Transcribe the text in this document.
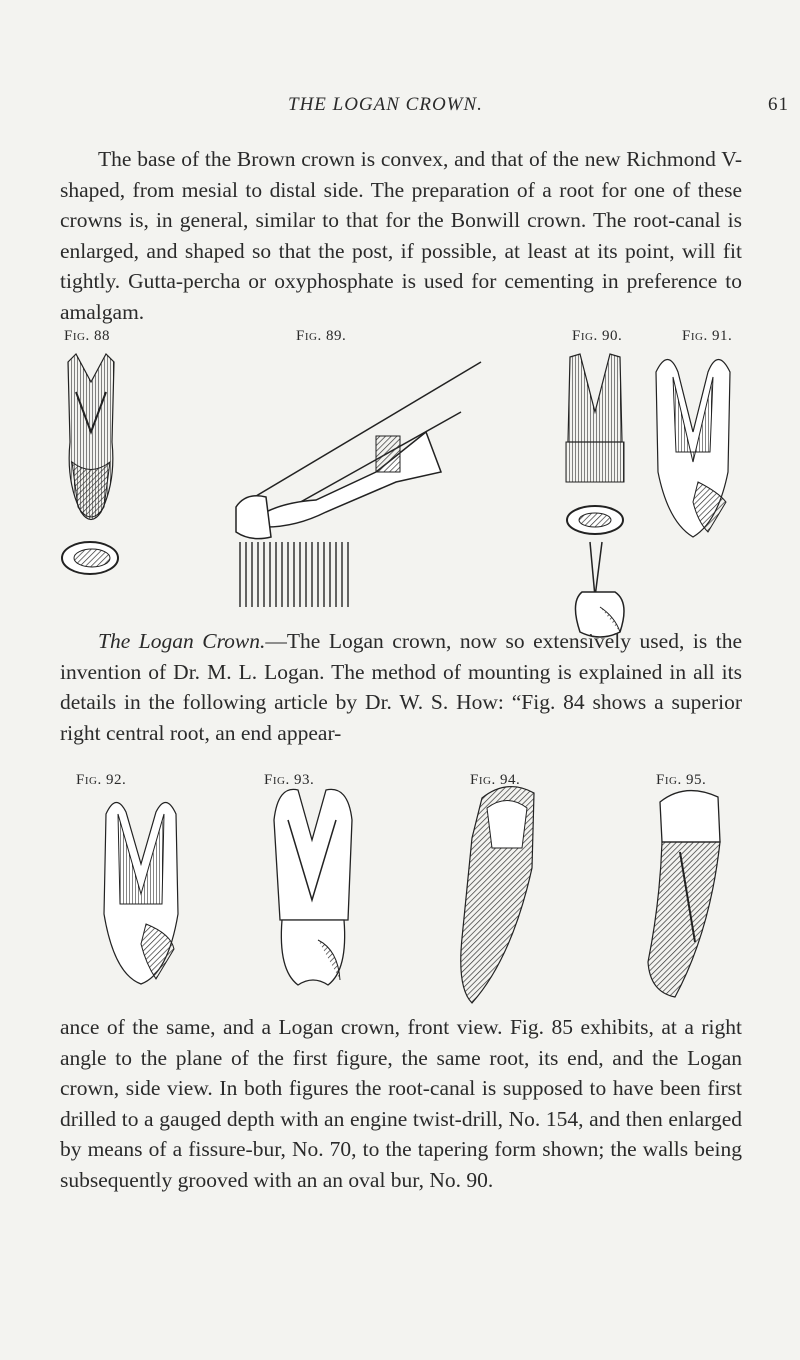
THE LOGAN CROWN.	61

The base of the Brown crown is convex, and that of the new Richmond V-shaped, from mesial to distal side. The preparation of a root for one of these crowns is, in general, similar to that for the Bonwill crown. The root-canal is enlarged, and shaped so that the post, if possible, at least at its point, will fit tightly. Gutta-percha or oxyphosphate is used for cementing in preference to amalgam.

Fig. 88	Fig. 89.	Fig. 90.	Fig. 91.

The Logan Crown.—The Logan crown, now so extensively used, is the invention of Dr. M. L. Logan. The method of mounting is explained in all its details in the following article by Dr. W. S. How: “Fig. 84 shows a superior right central root, an end appear-

Fig. 92.	Fig. 93.	Fig. 94.	Fig. 95.

ance of the same, and a Logan crown, front view. Fig. 85 exhibits, at a right angle to the plane of the first figure, the same root, its end, and the Logan crown, side view. In both figures the root-canal is supposed to have been first drilled to a gauged depth with an engine twist-drill, No. 154, and then enlarged by means of a fissure-bur, No. 70, to the tapering form shown; the walls being subsequently grooved with an an oval bur, No. 90.
